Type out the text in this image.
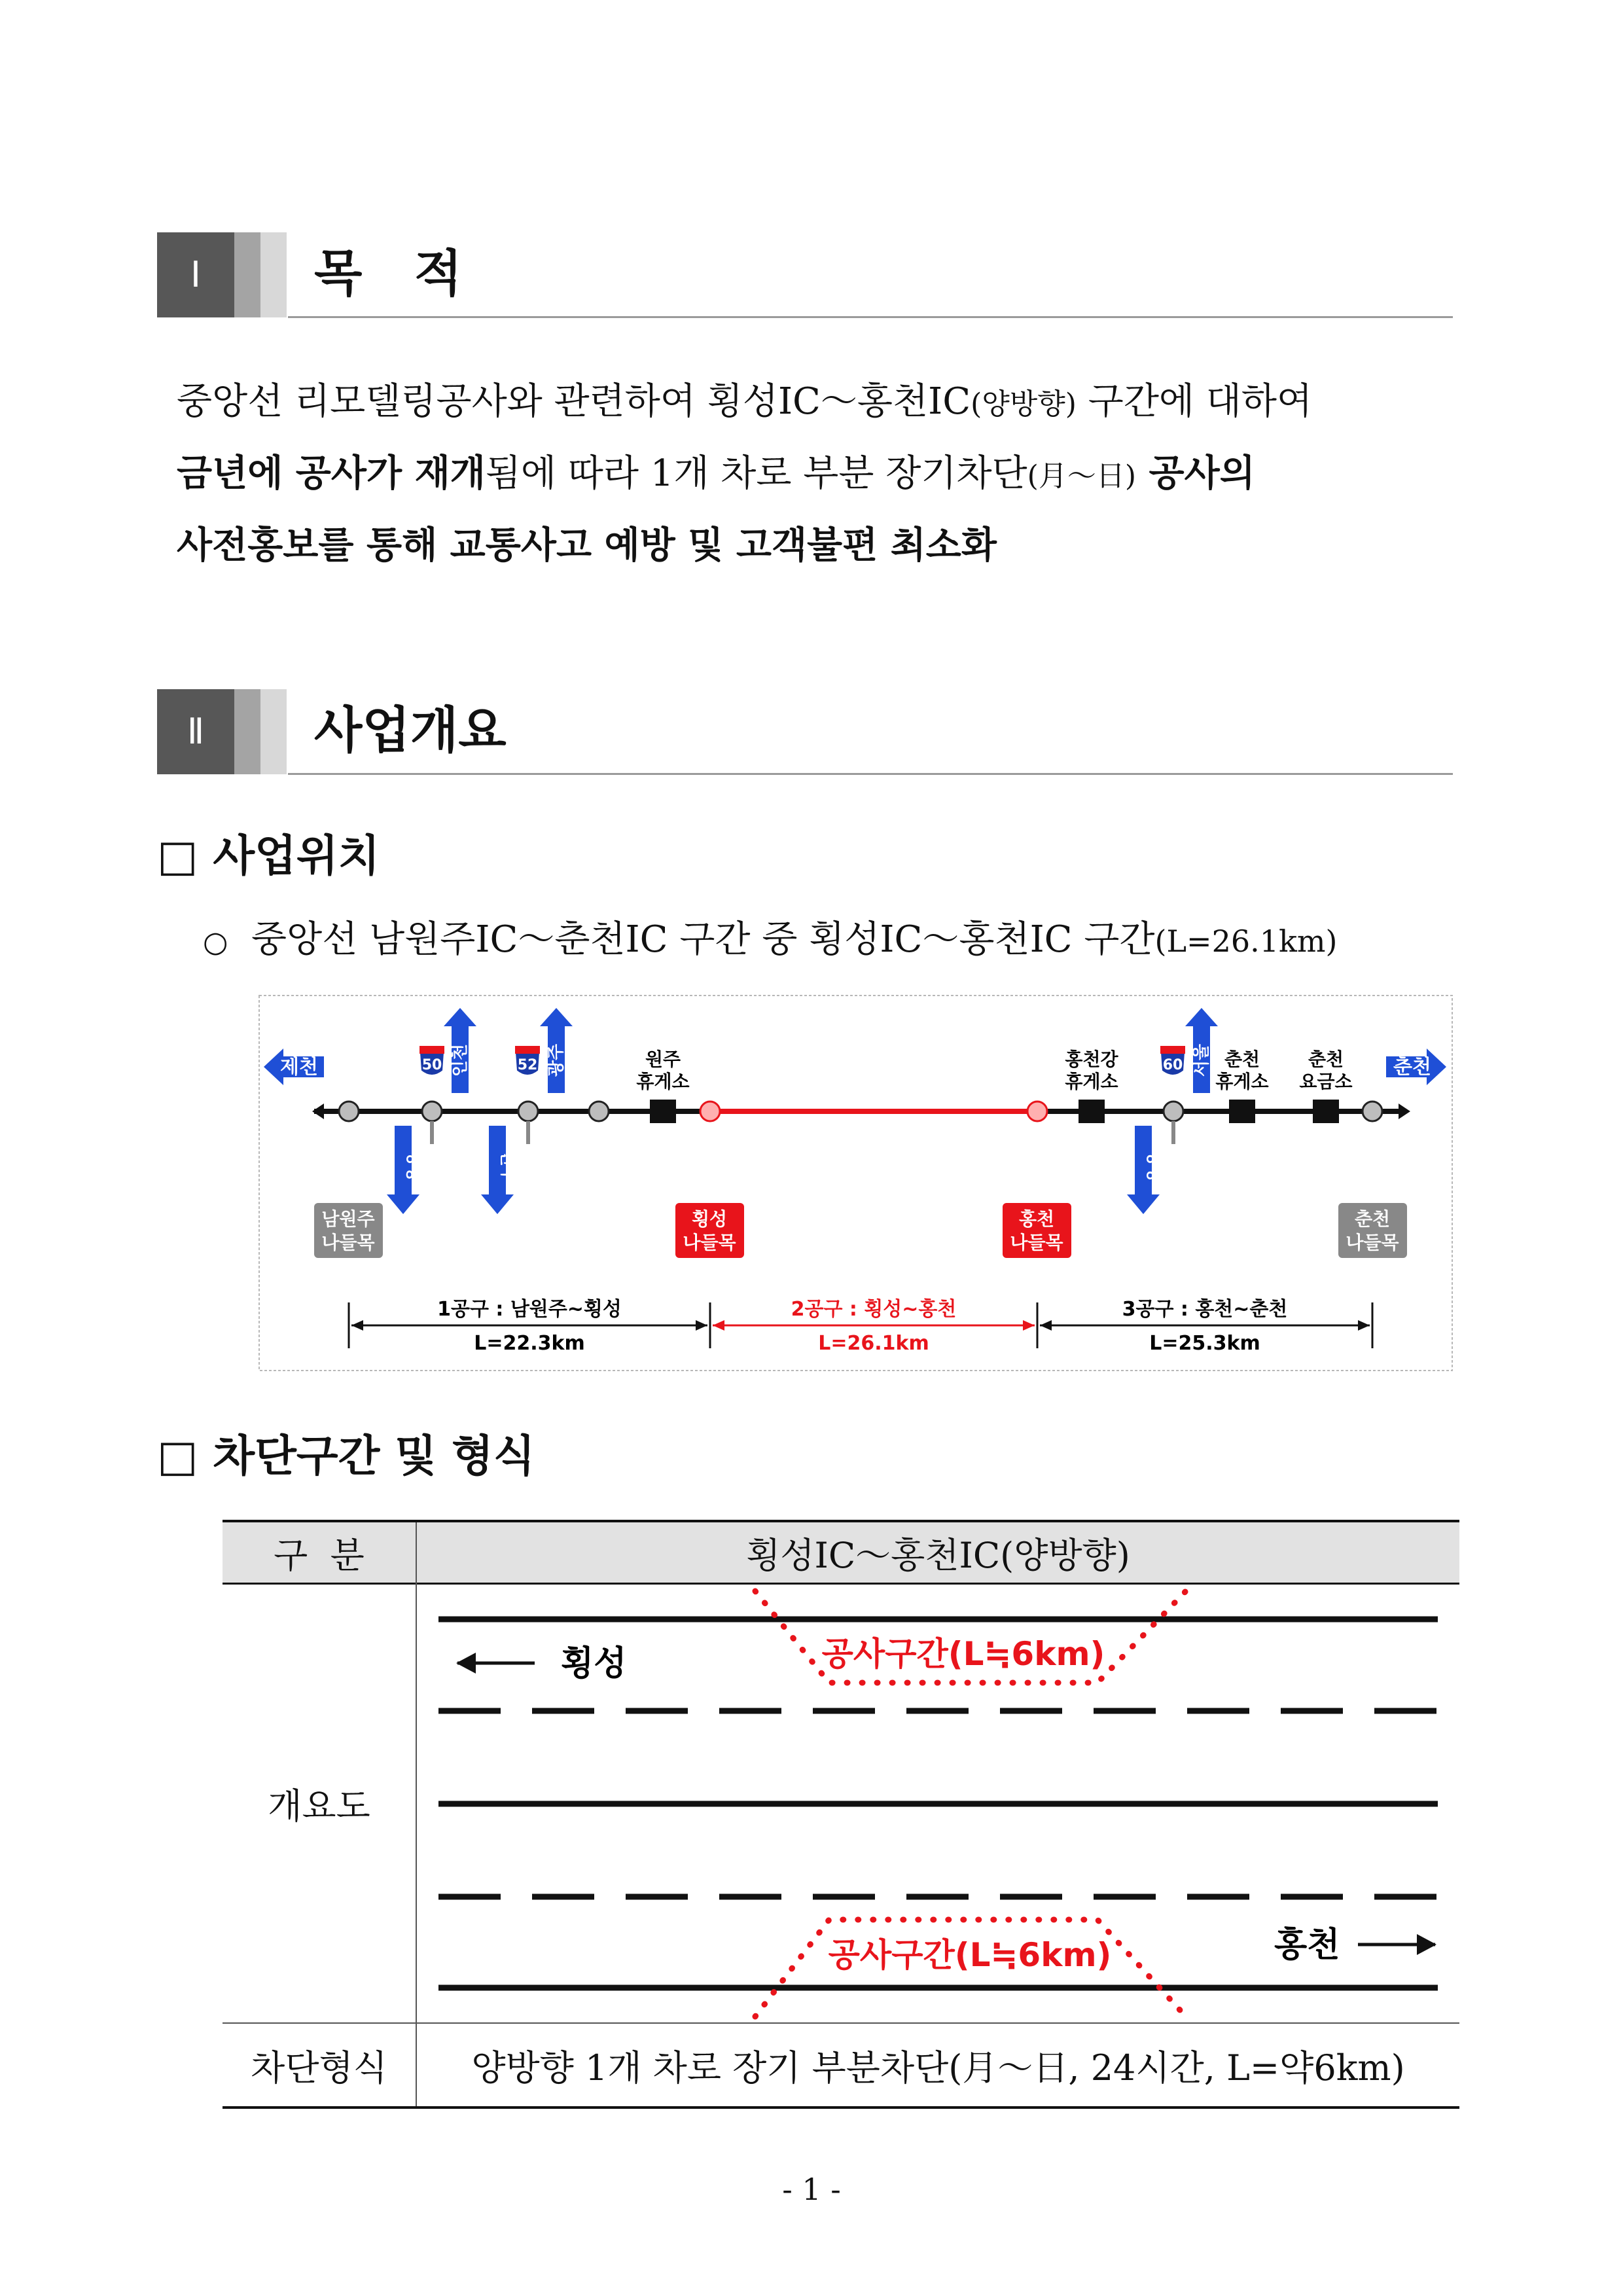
Ⅰ	목   적
중앙선 리모델링공사와 관련하여 횡성IC～홍천IC(양방향) 구간에 대하여
금년에 공사가 재개됨에 따라 1개 차로 부분 장기차단(月～日) 공사의
사전홍보를 통해 교통사고 예방 및 고객불편 최소화
Ⅱ	사업개요
□ 사업위치
○ 중앙선 남원주IC～춘천IC 구간 중 횡성IC～홍천IC 구간(L=26.1km)
제천	춘천
50	52	60
인천	광주	서울
강릉	원주	양양
원주
휴게소
홍천강
휴게소
춘천
휴게소
춘천
요금소
남원주
나들목
횡성
나들목
홍천
나들목
춘천
나들목
1공구 : 남원주~횡성
L=22.3km
2공구 : 횡성~홍천
L=26.1km
3공구 : 홍천~춘천
L=25.3km
□ 차단구간 및 형식
구  분	횡성IC～홍천IC(양방향)
개요도
차단형식	양방향 1개 차로 장기 부분차단(月～日, 24시간, L=약6km)
횡성
홍천
공사구간(L≒6km)
공사구간(L≒6km)
- 1 -
